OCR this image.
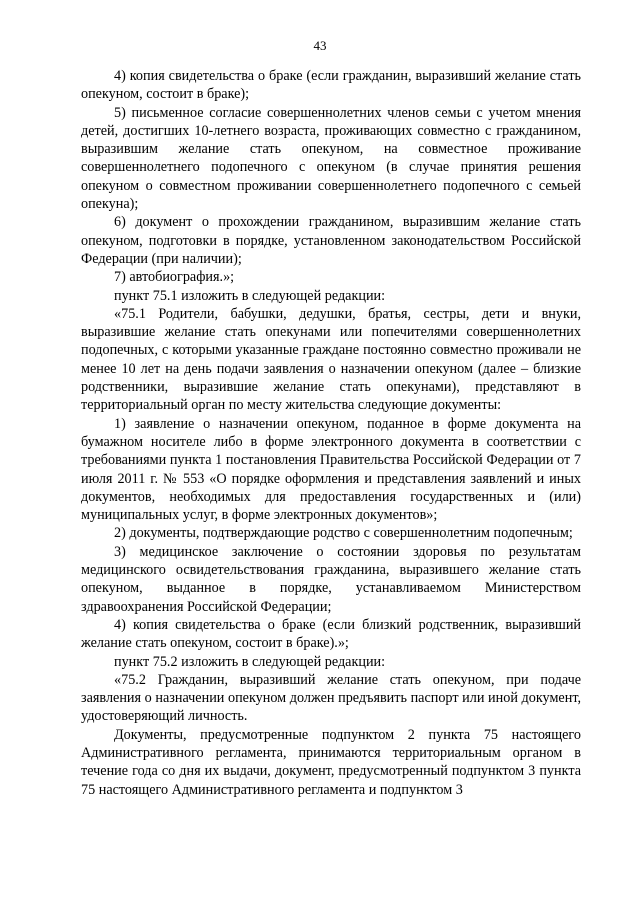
43

4) копия свидетельства о браке (если гражданин, выразивший желание стать опекуном, состоит в браке);

5) письменное согласие совершеннолетних членов семьи с учетом мнения детей, достигших 10-летнего возраста, проживающих совместно с гражданином, выразившим желание стать опекуном, на совместное проживание совершеннолетнего подопечного с опекуном (в случае принятия решения опекуном о совместном проживании совершеннолетнего подопечного с семьей опекуна);

6) документ о прохождении гражданином, выразившим желание стать опекуном, подготовки в порядке, установленном законодательством Российской Федерации (при наличии);

7) автобиография.»;

пункт 75.1 изложить в следующей редакции:

«75.1 Родители, бабушки, дедушки, братья, сестры, дети и внуки, выразившие желание стать опекунами или попечителями совершеннолетних подопечных, с которыми указанные граждане постоянно совместно проживали не менее 10 лет на день подачи заявления о назначении опекуном (далее – близкие родственники, выразившие желание стать опекунами), представляют в территориальный орган по месту жительства следующие документы:

1) заявление о назначении опекуном, поданное в форме документа на бумажном носителе либо в форме электронного документа в соответствии с требованиями пункта 1 постановления Правительства Российской Федерации от 7 июля 2011 г. № 553 «О порядке оформления и представления заявлений и иных документов, необходимых для предоставления государственных и (или) муниципальных услуг, в форме электронных документов»;

2) документы, подтверждающие родство с совершеннолетним подопечным;

3) медицинское заключение о состоянии здоровья по результатам медицинского освидетельствования гражданина, выразившего желание стать опекуном, выданное в порядке, устанавливаемом Министерством здравоохранения Российской Федерации;

4) копия свидетельства о браке (если близкий родственник, выразивший желание стать опекуном, состоит в браке).»;

пункт 75.2 изложить в следующей редакции:

«75.2 Гражданин, выразивший желание стать опекуном, при подаче заявления о назначении опекуном должен предъявить паспорт или иной документ, удостоверяющий личность.

Документы, предусмотренные подпунктом 2 пункта 75 настоящего Административного регламента, принимаются территориальным органом в течение года со дня их выдачи, документ, предусмотренный подпунктом 3 пункта 75 настоящего Административного регламента и подпунктом 3
